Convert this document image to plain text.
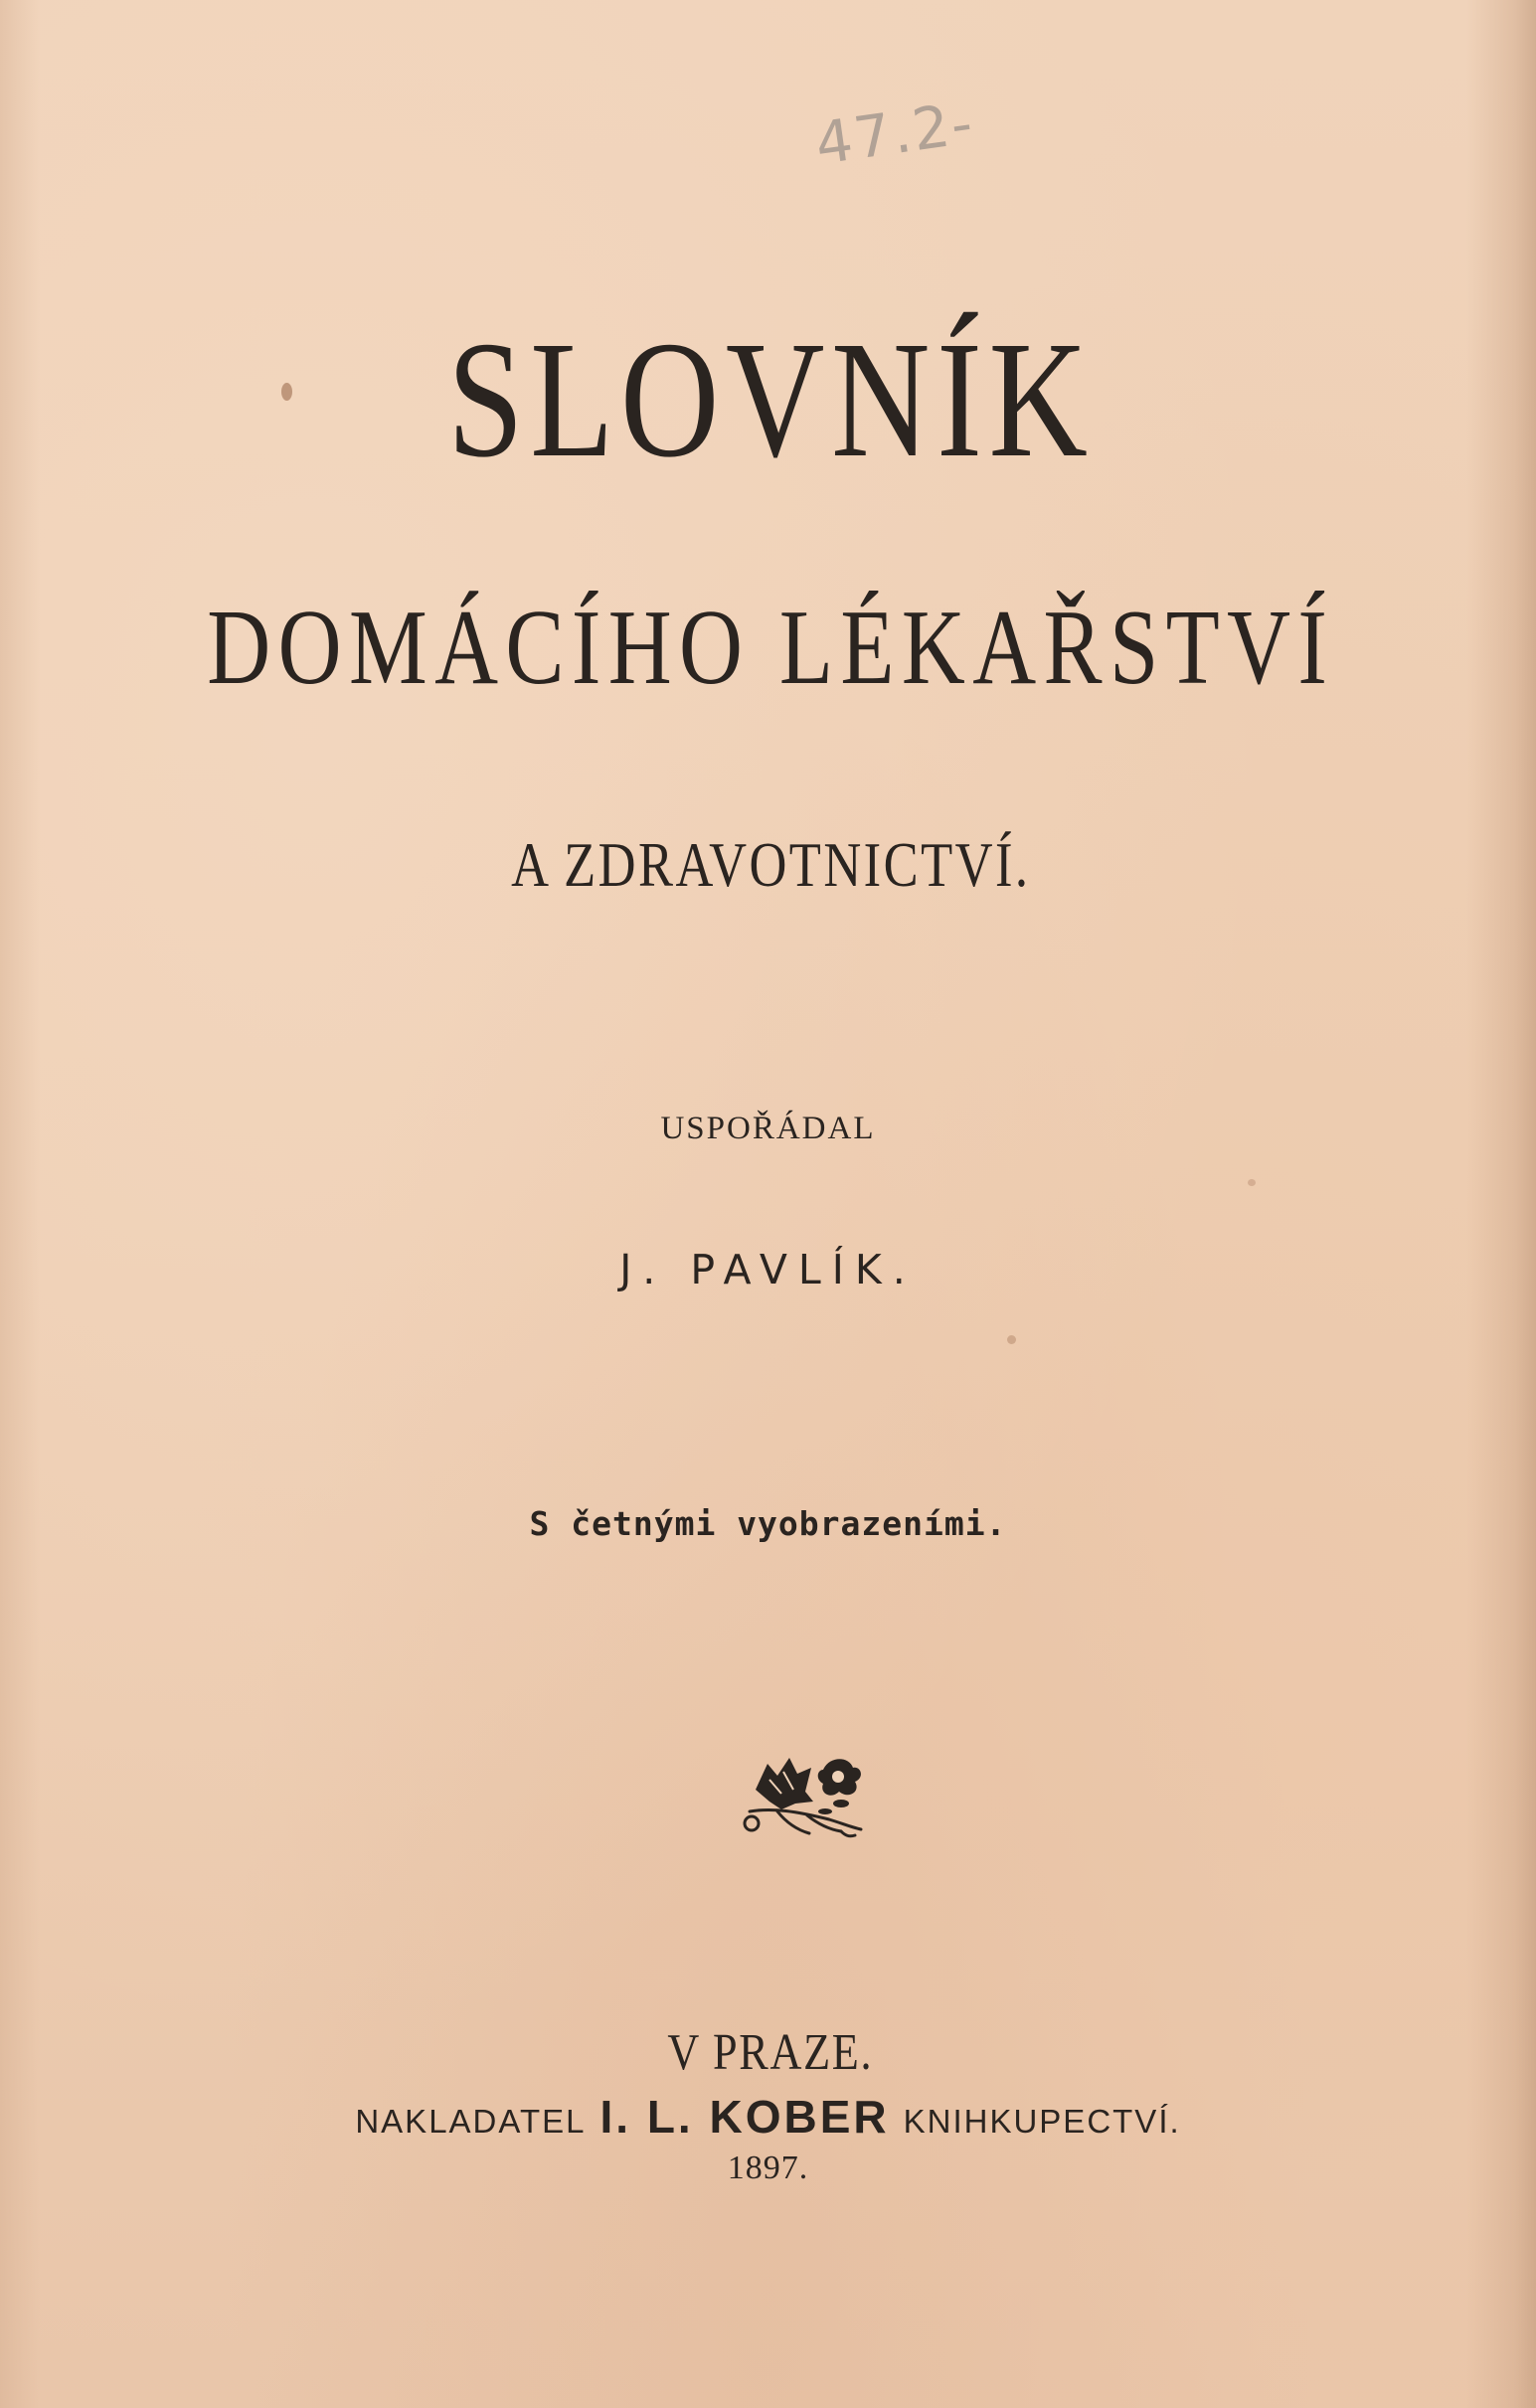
47.2-
SLOVNÍK
DOMÁCÍHO LÉKAŘSTVÍ
A ZDRAVOTNICTVÍ.
USPOŘÁDAL
J. PAVLÍK.
S četnými vyobrazeními.
V PRAZE.
NAKLADATEL I. L. KOBER KNIHKUPECTVÍ.
1897.
